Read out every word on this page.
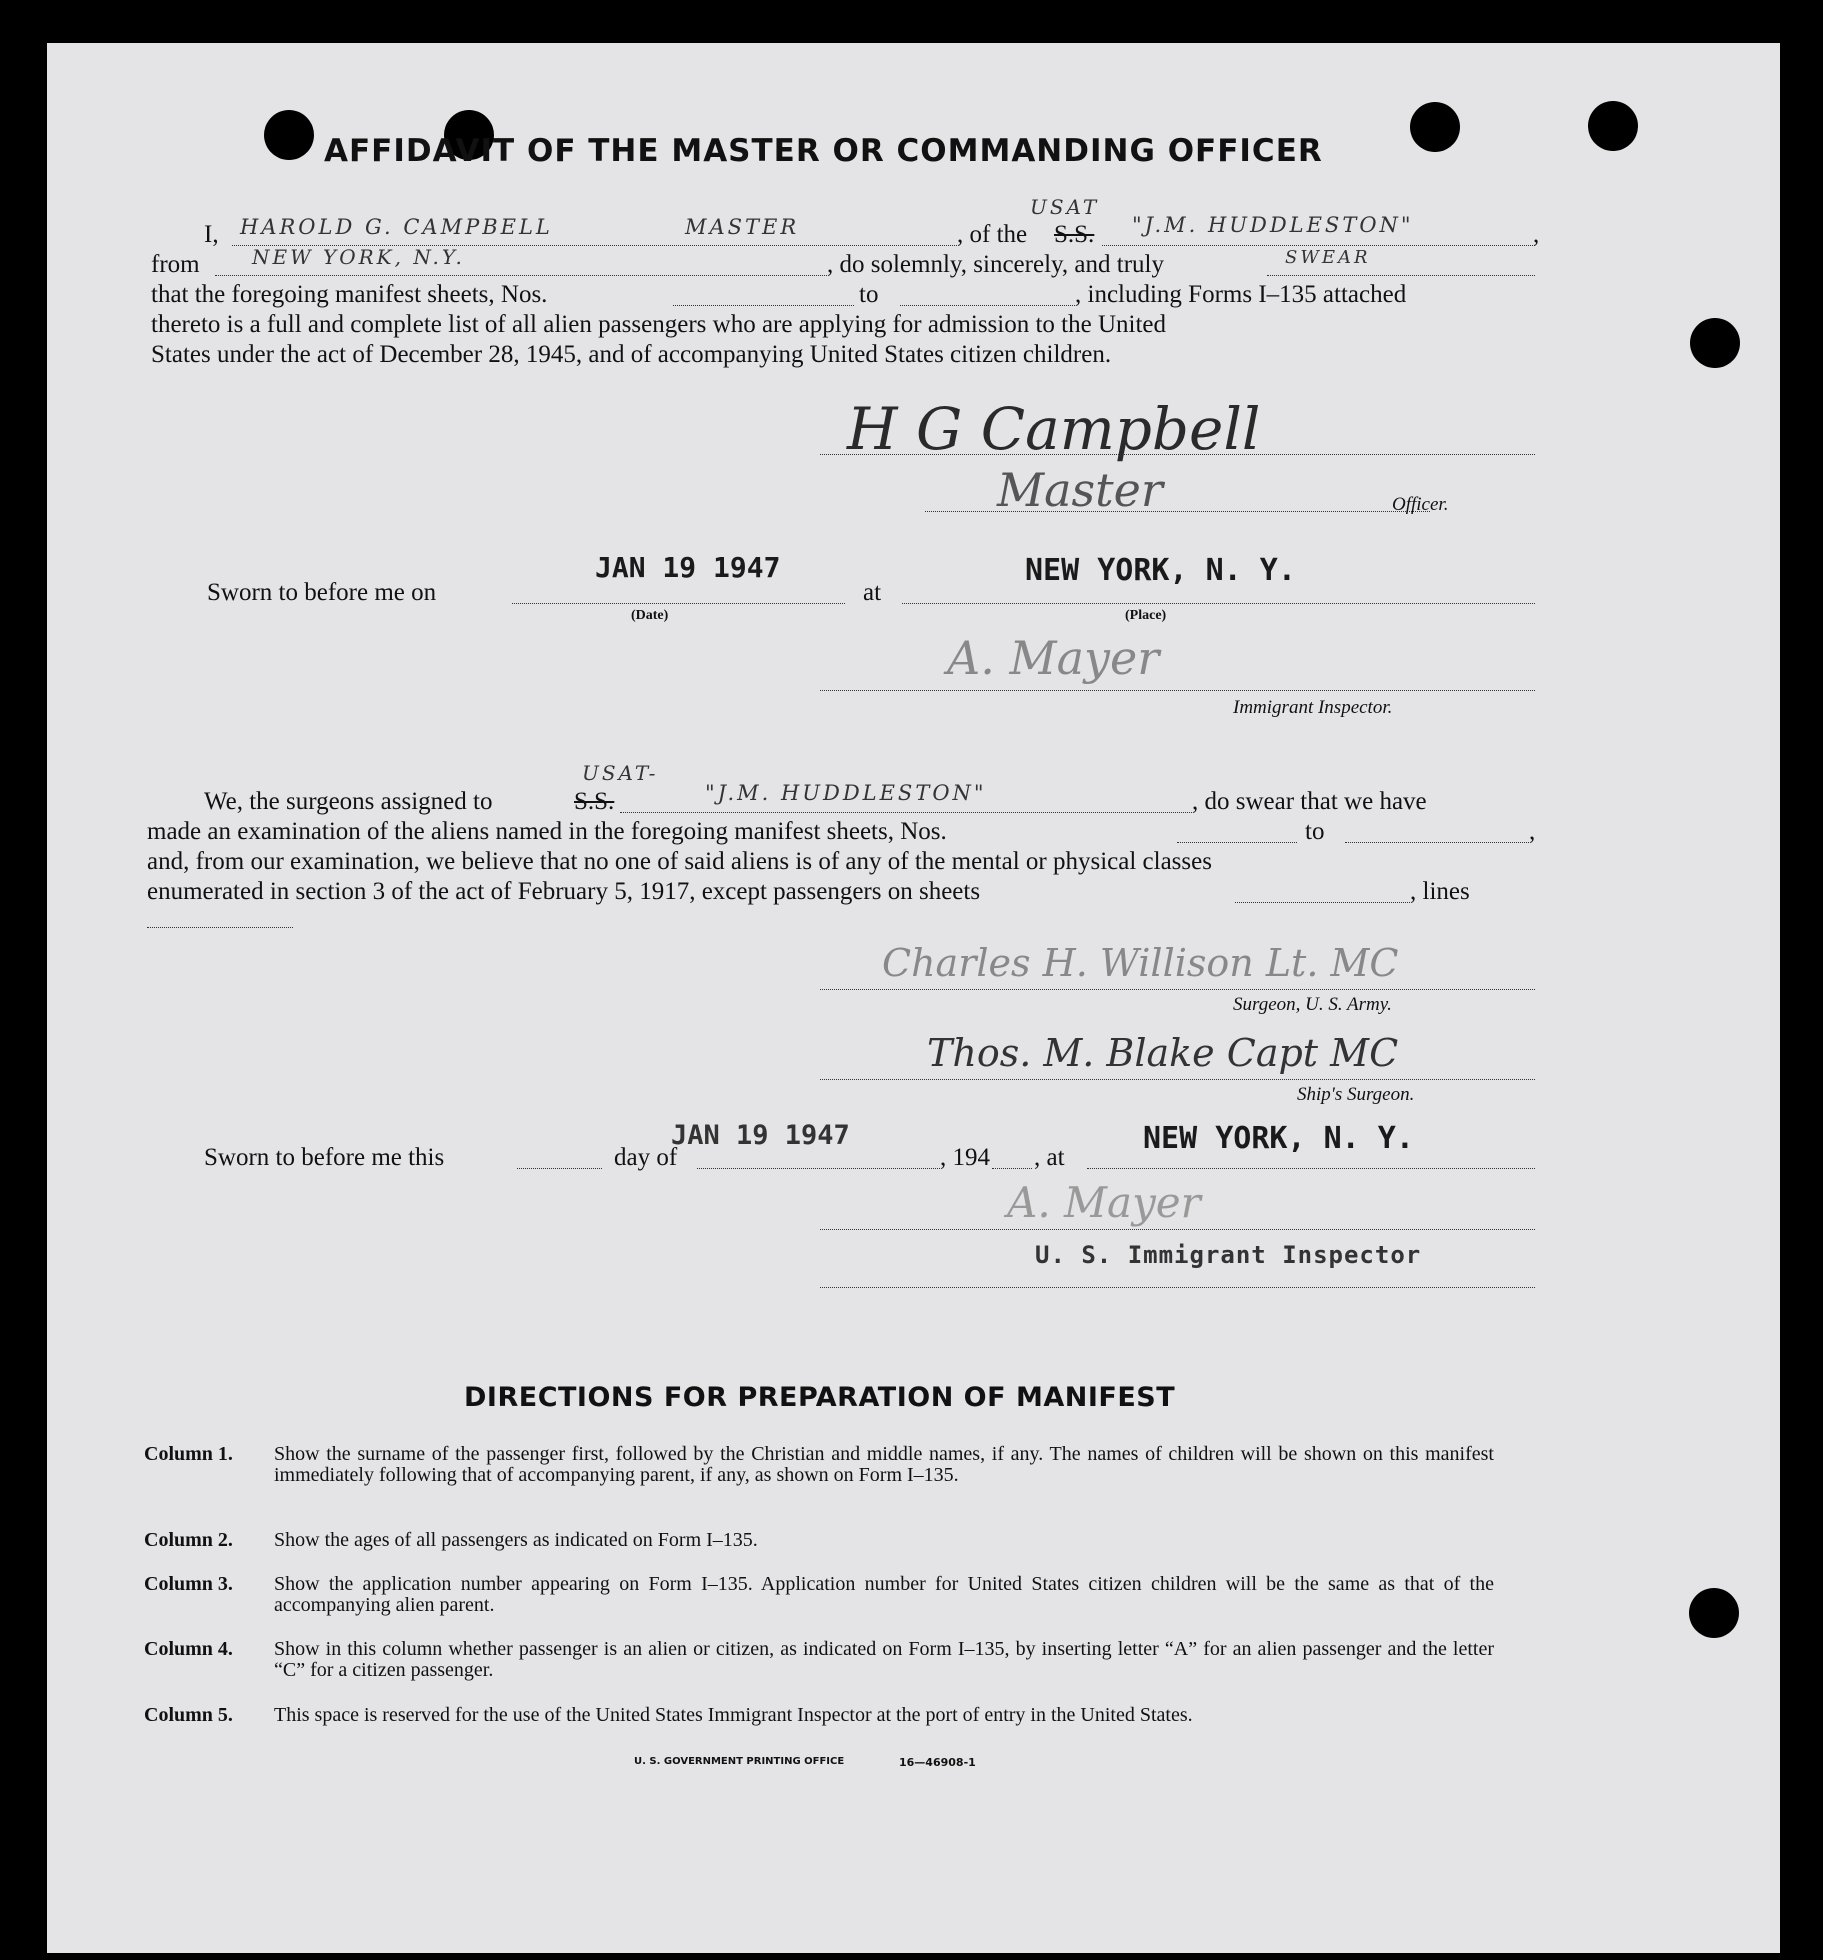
AFFIDAVIT OF THE MASTER OR COMMANDING OFFICER
I, HAROLD G. CAMPBELL	MASTER	, of the S.S.
USAT
"J.M. HUDDLESTON"	,
from	NEW YORK, N.Y.	, do solemnly, sincerely, and truly	SWEAR
that the foregoing manifest sheets, Nos.	to	, including Forms I–135 attached
thereto is a full and complete list of all alien passengers who are applying for admission to the United
States under the act of December 28, 1945, and of accompanying United States citizen children.
H G Campbell
Master	Officer.
Sworn to before me on
JAN 19 1947
at
NEW YORK, N. Y.
(Date)	(Place)
A. Mayer
Immigrant Inspector.
We, the surgeons assigned to	S.S.
USAT-
"J.M. HUDDLESTON"	, do swear that we have
made an examination of the aliens named in the foregoing manifest sheets, Nos.	to	,
and, from our examination, we believe that no one of said aliens is of any of the mental or physical classes
enumerated in section 3 of the act of February 5, 1917, except passengers on sheets	, lines
Charles H. Willison Lt. MC
Surgeon, U. S. Army.
Thos. M. Blake Capt MC
Ship's Surgeon.
Sworn to before me this	day of
JAN 19 1947
, 194 , at
NEW YORK, N. Y.
A. Mayer
U. S. Immigrant Inspector
DIRECTIONS FOR PREPARATION OF MANIFEST
Column 1. Show the surname of the passenger first, followed by the Christian and middle names, if any. The names of children will be shown on this manifest immediately following that of accompanying parent, if any, as shown on Form I–135.
Column 2. Show the ages of all passengers as indicated on Form I–135.
Column 3. Show the application number appearing on Form I–135. Application number for United States citizen children will be the same as that of the accompanying alien parent.
Column 4. Show in this column whether passenger is an alien or citizen, as indicated on Form I–135, by inserting letter “A” for an alien passenger and the letter “C” for a citizen passenger.
Column 5. This space is reserved for the use of the United States Immigrant Inspector at the port of entry in the United States.
U. S. GOVERNMENT PRINTING OFFICE	16—46908-1
